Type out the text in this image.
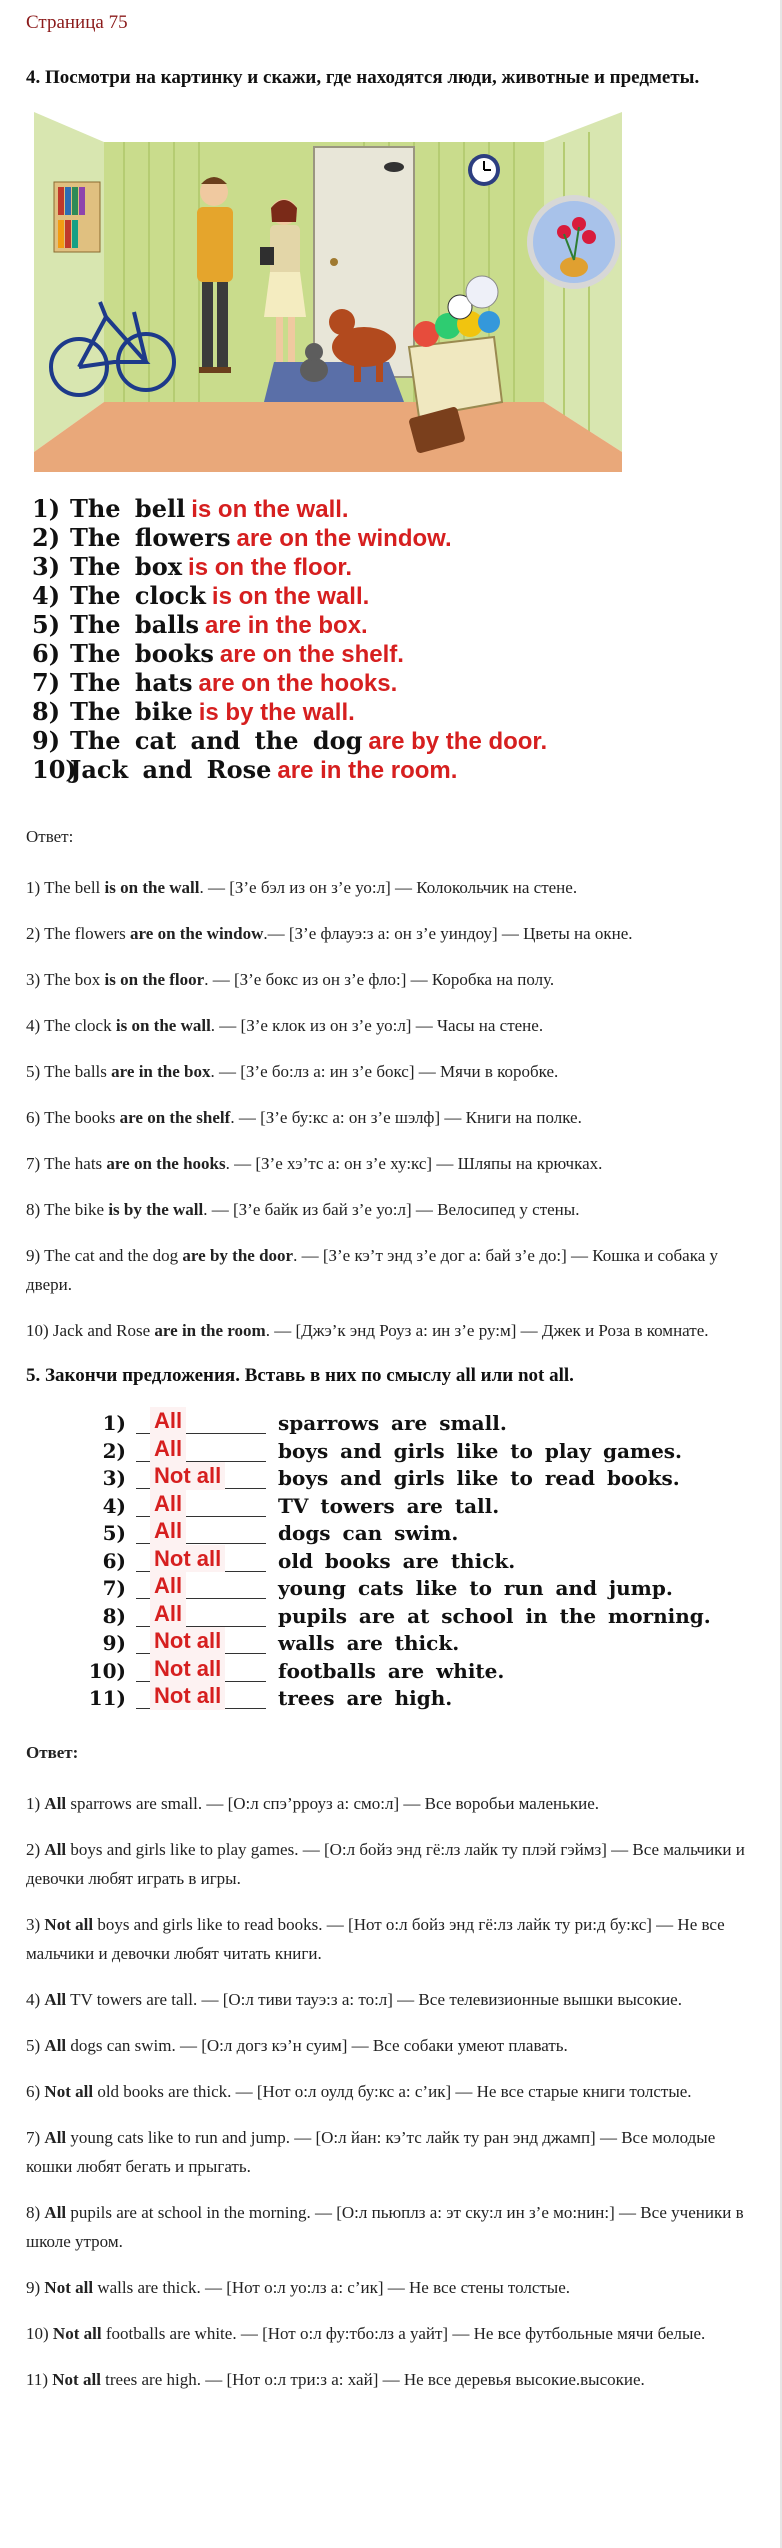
Страница 75
4. Посмотри на картинку и скажи, где находятся люди, животные и предметы.
1) The bell is on the wall.
2) The flowers are on the window.
3) The box is on the floor.
4) The clock is on the wall.
5) The balls are in the box.
6) The books are on the shelf.
7) The hats are on the hooks.
8) The bike is by the wall.
9) The cat and the dog are by the door.
10)Jack and Rose are in the room.
Ответ:

1) The bell is on the wall. — [З’е бэл из он з’е уо:л] — Колокольчик на стене.

2) The flowers are on the window.— [З’е флауэ:з а: он з’е уиндоу] — Цветы на окне.

3) The box is on the floor. — [З’е бокс из он з’е фло:] — Коробка на полу.

4) The clock is on the wall. — [З’е клок из он з’е уо:л] — Часы на стене.

5) The balls are in the box. — [З’е бо:лз а: ин з’е бокс] — Мячи в коробке.

6) The books are on the shelf. — [З’е бу:кс а: он з’е шэлф] — Книги на полке.

7) The hats are on the hooks. — [З’е хэ’тс а: он з’е ху:кс] — Шляпы на крючках.

8) The bike is by the wall. — [З’е байк из бай з’е уо:л] — Велосипед у стены.

9) The cat and the dog are by the door. — [З’е кэ’т энд з’е дог а: бай з’е до:] — Кошка и собака у двери.

10) Jack and Rose are in the room. — [Джэ’к энд Роуз а: ин з’е ру:м] — Джек и Роза в комнате.

5. Закончи предложения. Вставь в них по смыслу all или not all.
1) All	sparrows are small.
2) All	boys and girls like to play games.
3) Not all	boys and girls like to read books.
4) All	TV towers are tall.
5) All	dogs can swim.
6) Not all	old books are thick.
7) All	young cats like to run and jump.
8) All	pupils are at school in the morning.
9) Not all	walls are thick.
10) Not all	footballs are white.
11) Not all	trees are high.
Ответ:

1) All sparrows are small. — [О:л спэ’рроуз а: смо:л] — Все воробьи маленькие.

2) All boys and girls like to play games. — [О:л бойз энд гё:лз лайк ту плэй гэймз] — Все мальчики и девочки любят играть в игры.

3) Not all boys and girls like to read books. — [Нот о:л бойз энд гё:лз лайк ту ри:д бу:кс] — Не все мальчики и девочки любят читать книги.

4) All TV towers are tall. — [О:л тиви тауэ:з а: то:л] — Все телевизионные вышки высокие.

5) All dogs can swim. — [О:л догз кэ’н суим] — Все собаки умеют плавать.

6) Not all old books are thick. — [Нот о:л оулд бу:кс а: с’ик] — Не все старые книги толстые.

7) All young cats like to run and jump. — [О:л йан: кэ’тс лайк ту ран энд джамп] — Все молодые кошки любят бегать и прыгать.

8) All pupils are at school in the morning. — [О:л пьюпл​з а: эт ску:л ин з’е мо:нин:] — Все ученики в школе утром.

9) Not all walls are thick. — [Нот о:л уо:лз а: с’ик] — Не все стены толстые.

10) Not all footballs are white. — [Нот о:л фу:тбо:лз а уайт] — Не все футбольные мячи белые.

11) Not all trees are high. — [Нот о:л три:з а: хай] — Не все деревья высокие.высокие.
